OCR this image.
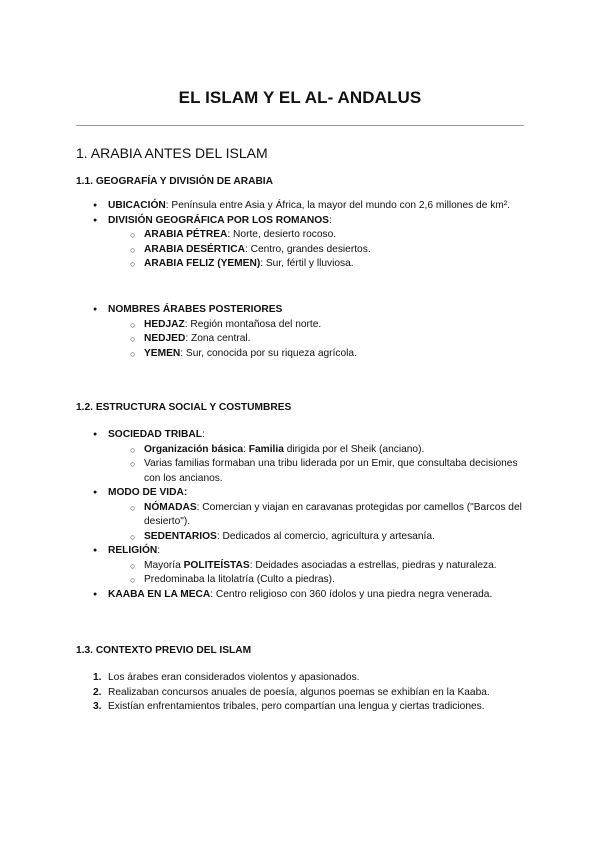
EL ISLAM Y EL AL- ANDALUS
1. ARABIA ANTES DEL ISLAM
1.1. GEOGRAFÍA Y DIVISIÓN DE ARABIA
● UBICACIÓN: Península entre Asia y África, la mayor del mundo con 2,6 millones de km².
● DIVISIÓN GEOGRÁFICA POR LOS ROMANOS:
○ ARABIA PÉTREA: Norte, desierto rocoso.
○ ARABIA DESÉRTICA: Centro, grandes desiertos.
○ ARABIA FELIZ (YEMEN): Sur, fértil y lluviosa.
● NOMBRES ÁRABES POSTERIORES
○ HEDJAZ: Región montañosa del norte.
○ NEDJED: Zona central.
○ YEMEN: Sur, conocida por su riqueza agrícola.
1.2. ESTRUCTURA SOCIAL Y COSTUMBRES
● SOCIEDAD TRIBAL:
○ Organización básica: Familia dirigida por el Sheik (anciano).
○ Varias familias formaban una tribu liderada por un Emir, que consultaba decisiones con los ancianos.
● MODO DE VIDA:
○ NÓMADAS: Comercian y viajan en caravanas protegidas por camellos ("Barcos del desierto").
○ SEDENTARIOS: Dedicados al comercio, agricultura y artesanía.
● RELIGIÓN:
○ Mayoría POLITEÍSTAS: Deidades asociadas a estrellas, piedras y naturaleza.
○ Predominaba la litolatría (Culto a piedras).
● KAABA EN LA MECA: Centro religioso con 360 ídolos y una piedra negra venerada.
1.3. CONTEXTO PREVIO DEL ISLAM
1. Los árabes eran considerados violentos y apasionados.
2. Realizaban concursos anuales de poesía, algunos poemas se exhibían en la Kaaba.
3. Existían enfrentamientos tribales, pero compartían una lengua y ciertas tradiciones.
